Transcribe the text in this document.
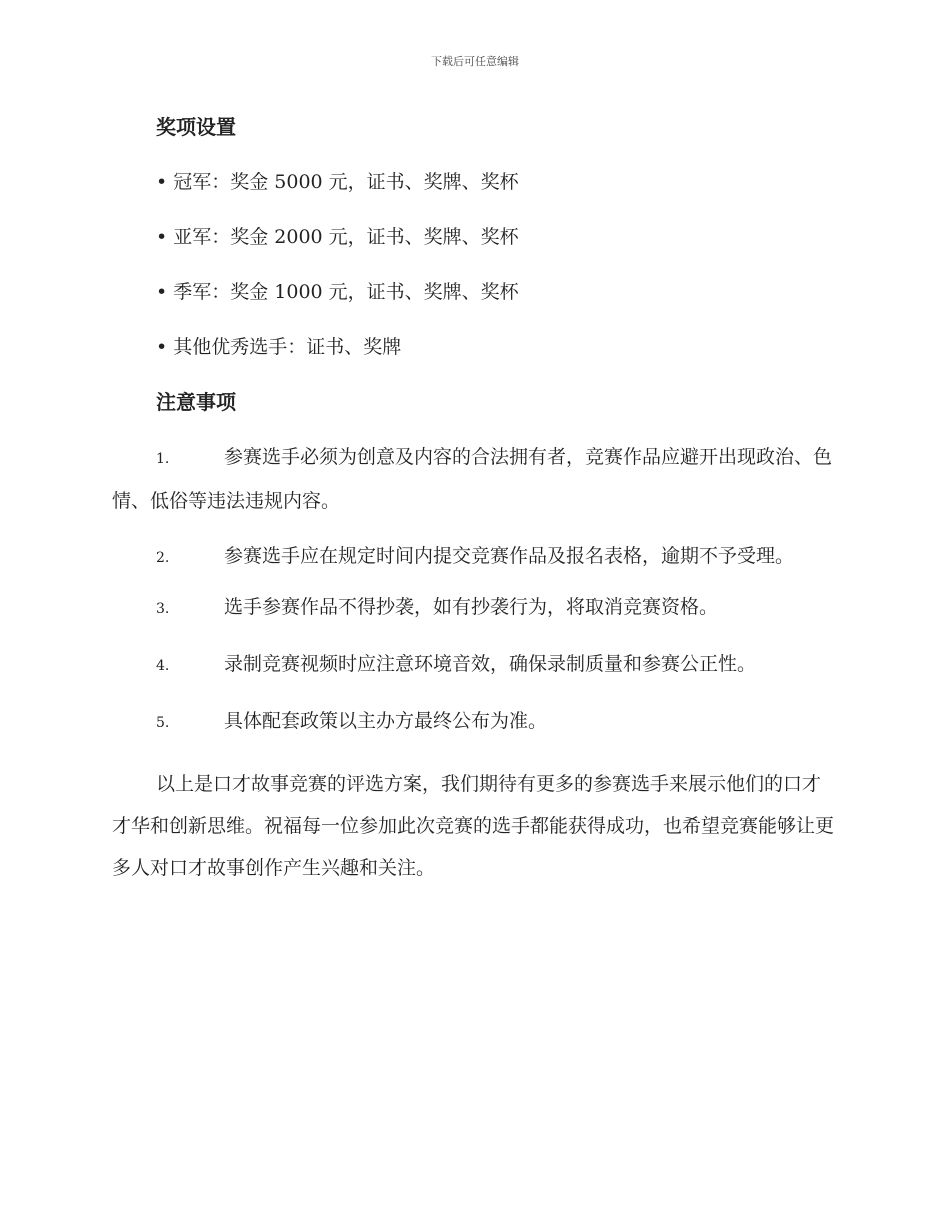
下载后可任意编辑
奖项设置
• 冠军：奖金 5000 元，证书、奖牌、奖杯
• 亚军：奖金 2000 元，证书、奖牌、奖杯
• 季军：奖金 1000 元，证书、奖牌、奖杯
• 其他优秀选手：证书、奖牌
注意事项
1.	参赛选手必须为创意及内容的合法拥有者，竞赛作品应避开出现政治、色情、低俗等违法违规内容。
2.	参赛选手应在规定时间内提交竞赛作品及报名表格，逾期不予受理。
3.	选手参赛作品不得抄袭，如有抄袭行为，将取消竞赛资格。
4.	录制竞赛视频时应注意环境音效，确保录制质量和参赛公正性。
5.	具体配套政策以主办方最终公布为准。

以上是口才故事竞赛的评选方案，我们期待有更多的参赛选手来展示他们的口才才华和创新思维。祝福每一位参加此次竞赛的选手都能获得成功，也希望竞赛能够让更多人对口才故事创作产生兴趣和关注。
